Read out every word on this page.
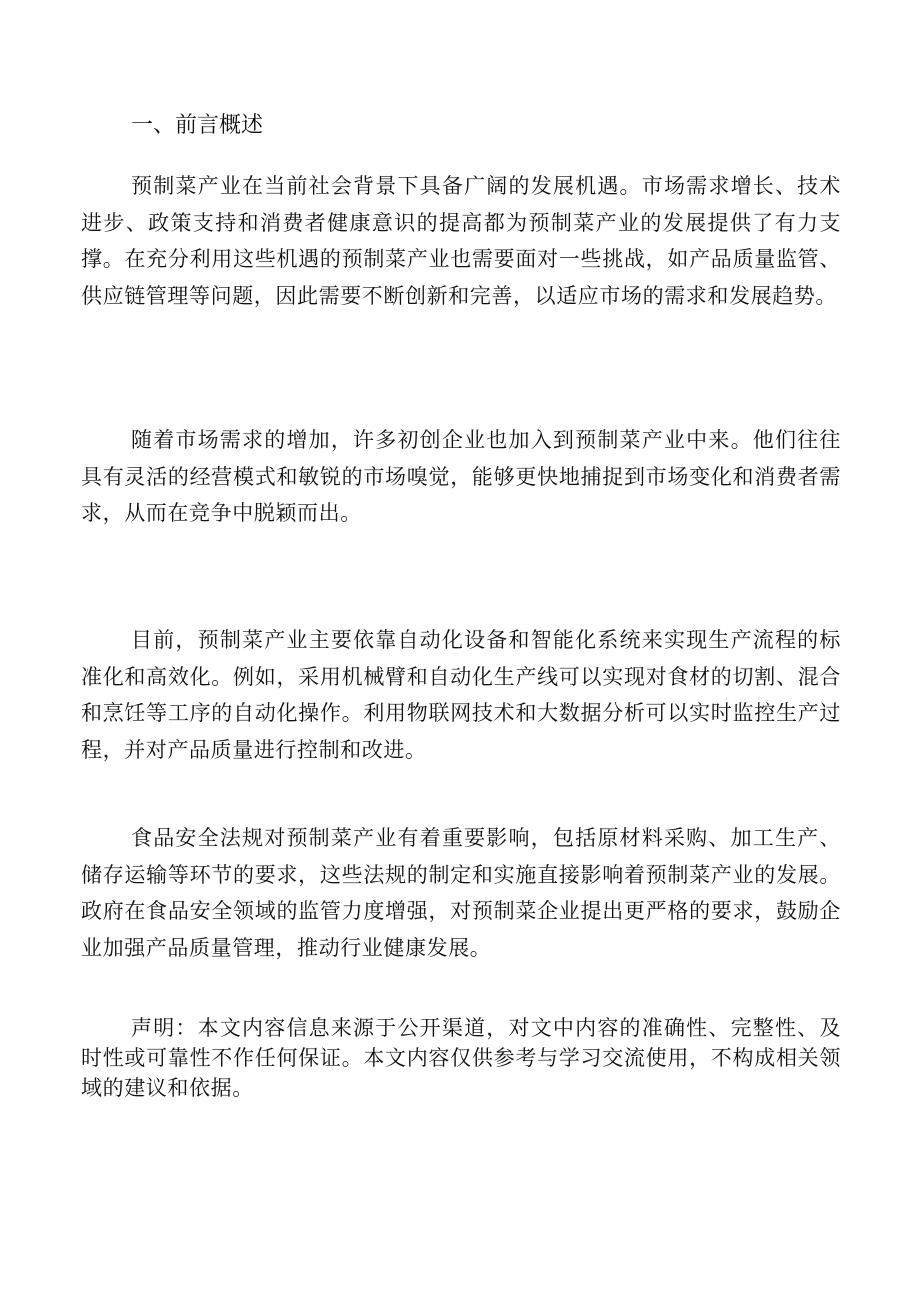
一、前言概述

预制菜产业在当前社会背景下具备广阔的发展机遇。市场需求增长、技术进步、政策支持和消费者健康意识的提高都为预制菜产业的发展提供了有力支撑。在充分利用这些机遇的预制菜产业也需要面对一些挑战，如产品质量监管、供应链管理等问题，因此需要不断创新和完善，以适应市场的需求和发展趋势。

随着市场需求的增加，许多初创企业也加入到预制菜产业中来。他们往往具有灵活的经营模式和敏锐的市场嗅觉，能够更快地捕捉到市场变化和消费者需求，从而在竞争中脱颖而出。

目前，预制菜产业主要依靠自动化设备和智能化系统来实现生产流程的标准化和高效化。例如，采用机械臂和自动化生产线可以实现对食材的切割、混合和烹饪等工序的自动化操作。利用物联网技术和大数据分析可以实时监控生产过程，并对产品质量进行控制和改进。

食品安全法规对预制菜产业有着重要影响，包括原材料采购、加工生产、储存运输等环节的要求，这些法规的制定和实施直接影响着预制菜产业的发展。政府在食品安全领域的监管力度增强，对预制菜企业提出更严格的要求，鼓励企业加强产品质量管理，推动行业健康发展。

声明：本文内容信息来源于公开渠道，对文中内容的准确性、完整性、及时性或可靠性不作任何保证。本文内容仅供参考与学习交流使用，不构成相关领域的建议和依据。
